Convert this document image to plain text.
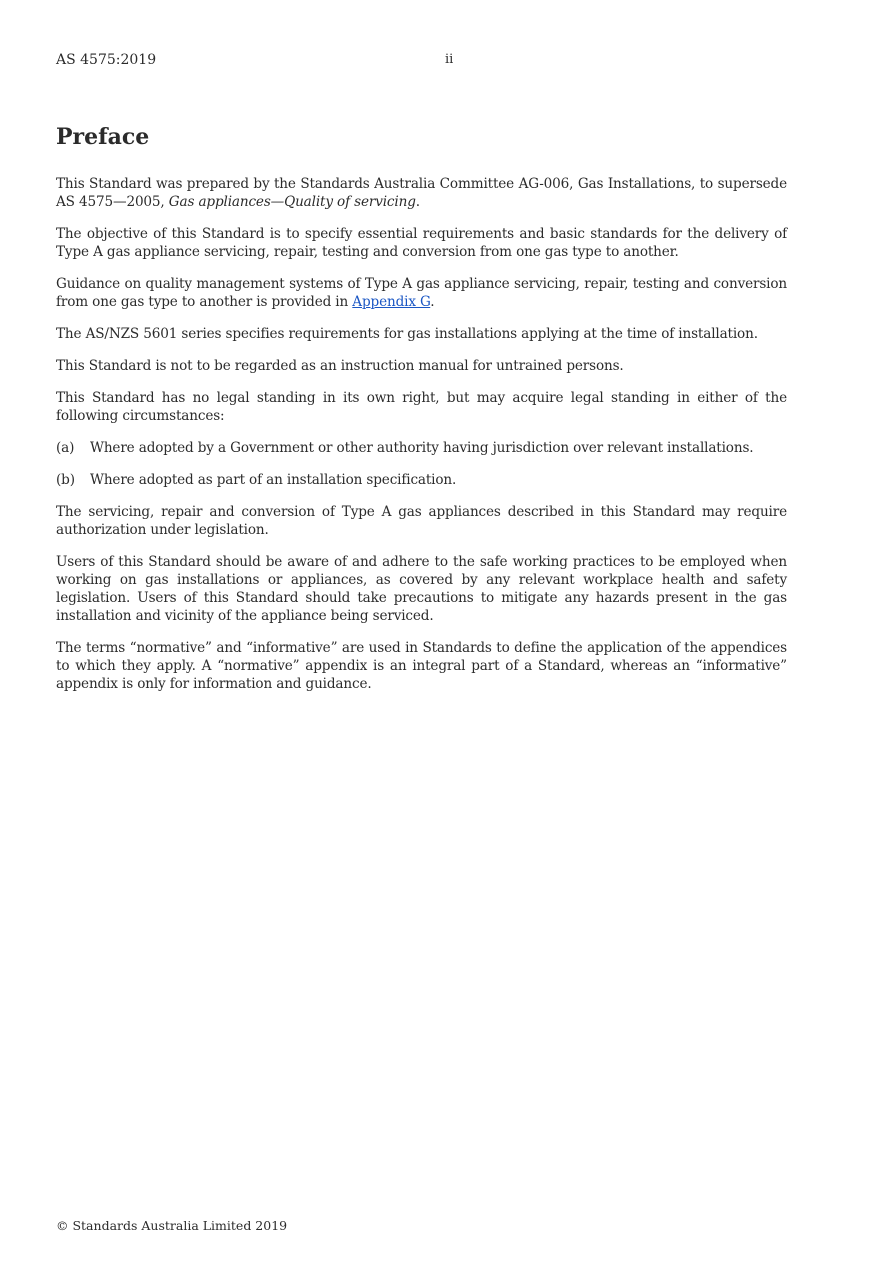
AS 4575:2019	ii
Preface

This Standard was prepared by the Standards Australia Committee AG-006, Gas Installations, to supersede AS 4575—2005, Gas appliances—Quality of servicing.

The objective of this Standard is to specify essential requirements and basic standards for the delivery of Type A gas appliance servicing, repair, testing and conversion from one gas type to another.

Guidance on quality management systems of Type A gas appliance servicing, repair, testing and conversion from one gas type to another is provided in Appendix G.

The AS/NZS 5601 series specifies requirements for gas installations applying at the time of installation.

This Standard is not to be regarded as an instruction manual for untrained persons.

This Standard has no legal standing in its own right, but may acquire legal standing in either of the following circumstances:

(a)	Where adopted by a Government or other authority having jurisdiction over relevant installations.
(b)	Where adopted as part of an installation specification.

The servicing, repair and conversion of Type A gas appliances described in this Standard may require authorization under legislation.

Users of this Standard should be aware of and adhere to the safe working practices to be employed when working on gas installations or appliances, as covered by any relevant workplace health and safety legislation. Users of this Standard should take precautions to mitigate any hazards present in the gas installation and vicinity of the appliance being serviced.

The terms “normative” and “informative” are used in Standards to define the application of the appendices to which they apply. A “normative” appendix is an integral part of a Standard, whereas an “informative” appendix is only for information and guidance.

© Standards Australia Limited 2019
